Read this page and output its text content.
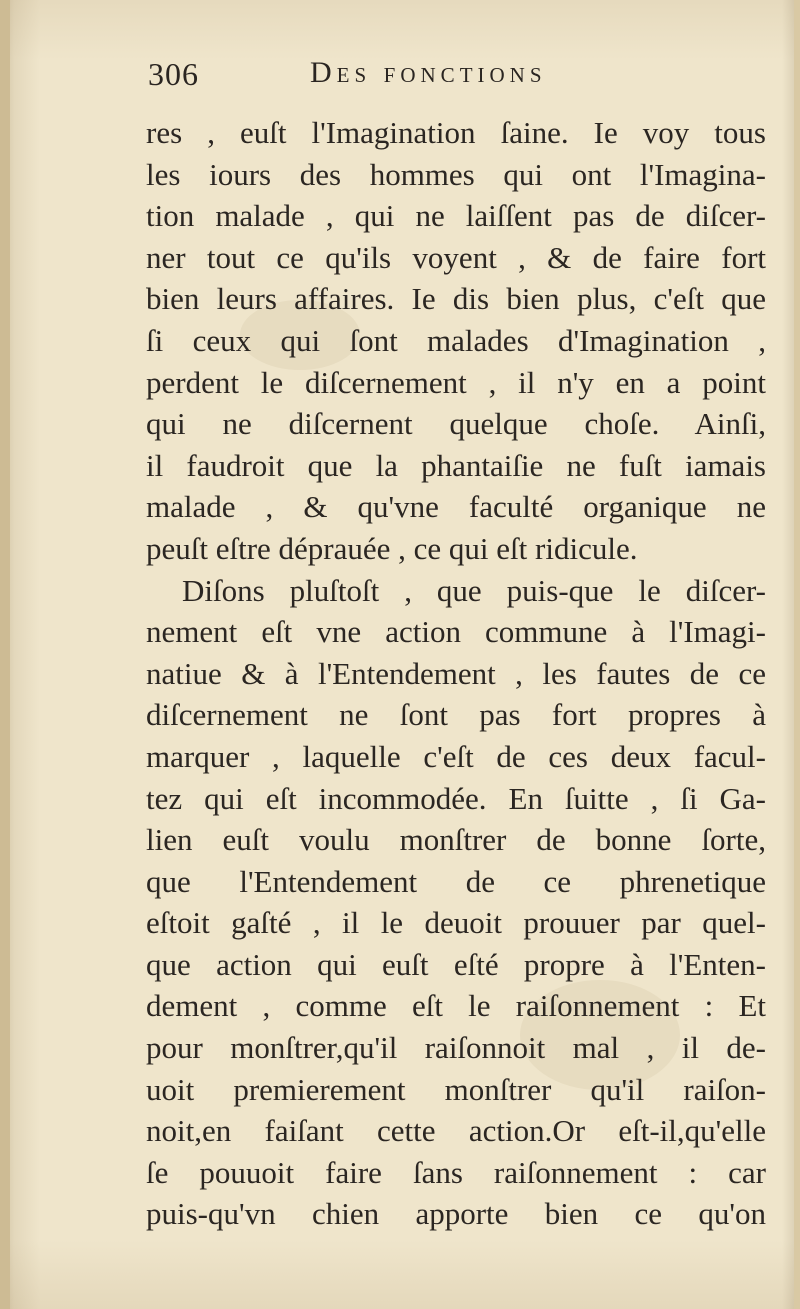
306	Des fonctions
res , euſt l'Imagination ſaine. Ie voy tous
les iours des hommes qui ont l'Imagina-
tion malade , qui ne laiſſent pas de diſcer-
ner tout ce qu'ils voyent , & de faire fort
bien leurs affaires. Ie dis bien plus, c'eſt que
ſi ceux qui ſont malades d'Imagination ,
perdent le diſcernement , il n'y en a point
qui ne diſcernent quelque choſe. Ainſi,
il faudroit que la phantaiſie ne fuſt iamais
malade , & qu'vne faculté organique ne
peuſt eſtre déprauée , ce qui eſt ridicule.
Diſons pluſtoſt , que puis-que le diſcer-
nement eſt vne action commune à l'Imagi-
natiue & à l'Entendement , les fautes de ce
diſcernement ne ſont pas fort propres à
marquer , laquelle c'eſt de ces deux facul-
tez qui eſt incommodée. En ſuitte , ſi Ga-
lien euſt voulu monſtrer de bonne ſorte,
que l'Entendement de ce phrenetique
eſtoit gaſté , il le deuoit prouuer par quel-
que action qui euſt eſté propre à l'Enten-
dement , comme eſt le raiſonnement : Et
pour monſtrer,qu'il raiſonnoit mal , il de-
uoit premierement monſtrer qu'il raiſon-
noit,en faiſant cette action.Or eſt-il,qu'elle
ſe pouuoit faire ſans raiſonnement : car
puis-qu'vn chien apporte bien ce qu'on
